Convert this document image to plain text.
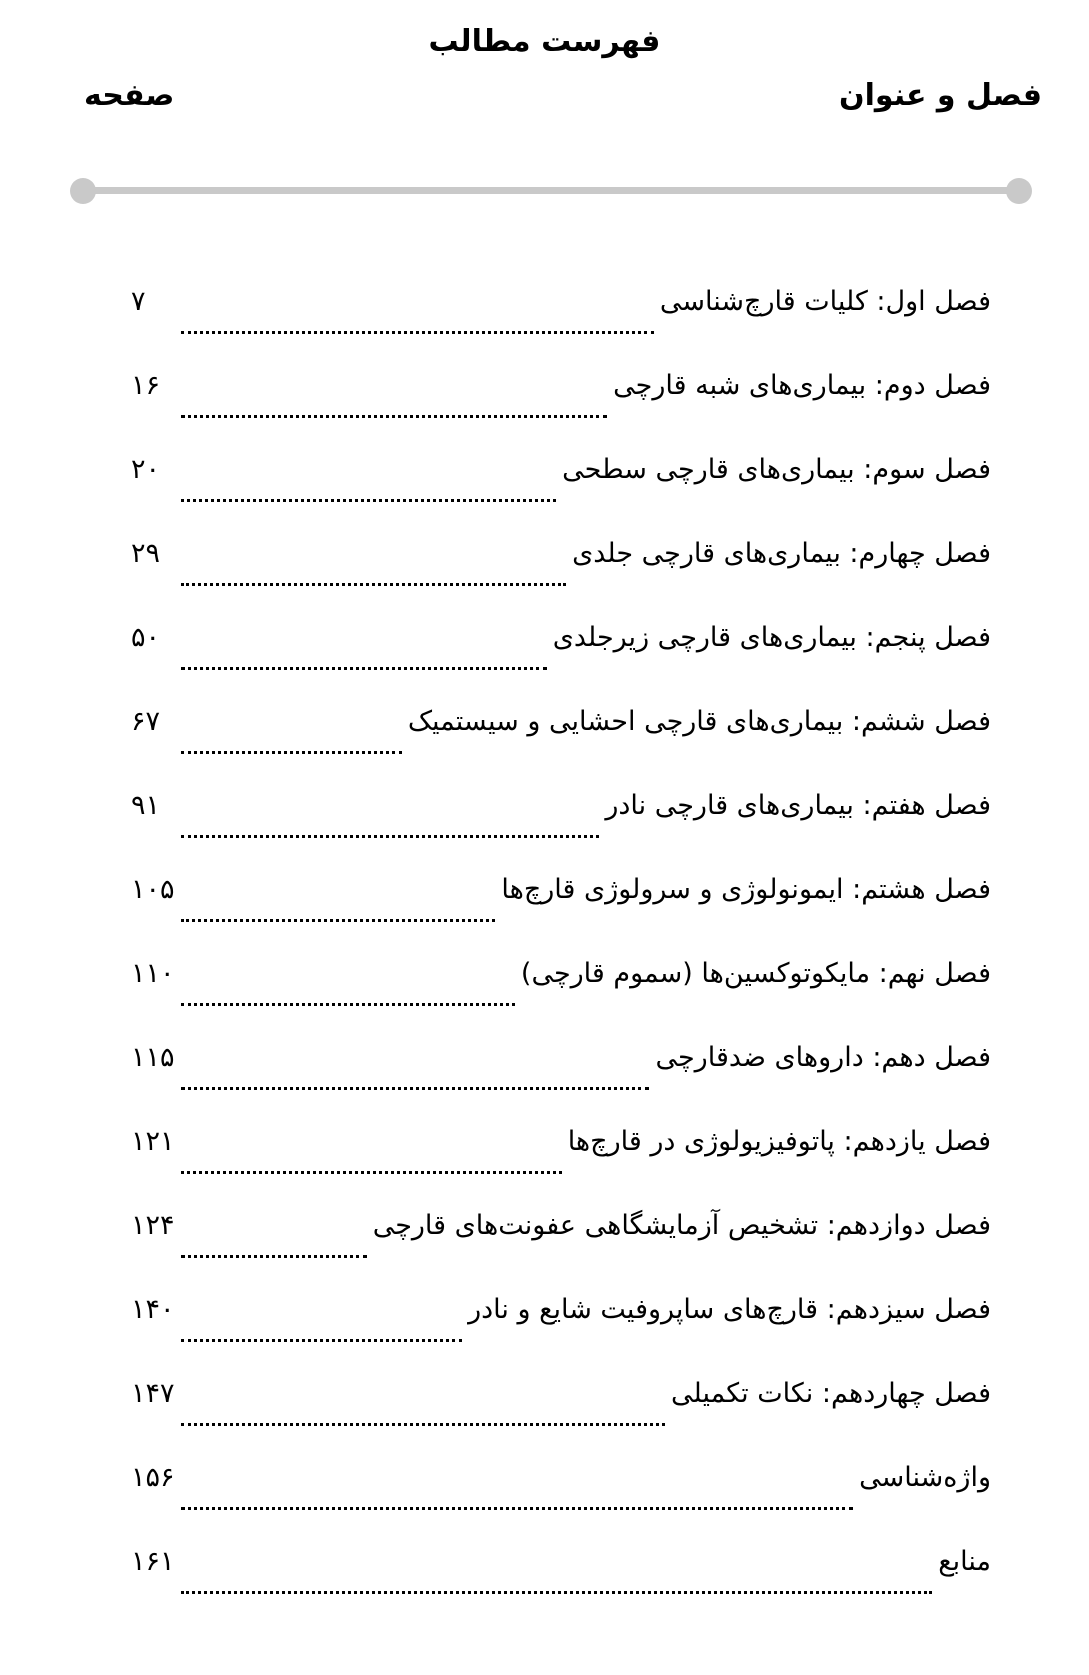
فهرست مطالب
فصل و عنوان
صفحه
فصل اول: کلیات قارچ‌شناسی
۷
فصل دوم: بیماری‌های شبه قارچی
۱۶
فصل سوم: بیماری‌های قارچی سطحی
۲۰
فصل چهارم: بیماری‌های قارچی جلدی
۲۹
فصل پنجم: بیماری‌های قارچی زیرجلدی
۵۰
فصل ششم: بیماری‌های قارچی احشایی و سیستمیک
۶۷
فصل هفتم: بیماری‌های قارچی نادر
۹۱
فصل هشتم: ایمونولوژی و سرولوژی قارچ‌ها
۱۰۵
فصل نهم: مایکوتوکسین‌ها (سموم قارچی)
۱۱۰
فصل دهم: داروهای ضدقارچی
۱۱۵
فصل یازدهم: پاتوفیزیولوژی در قارچ‌ها
۱۲۱
فصل دوازدهم: تشخیص آزمایشگاهی عفونت‌های قارچی
۱۲۴
فصل سیزدهم: قارچ‌های ساپروفیت شایع و نادر
۱۴۰
فصل چهاردهم: نکات تکمیلی
۱۴۷
واژه‌شناسی
۱۵۶
منابع
۱۶۱
